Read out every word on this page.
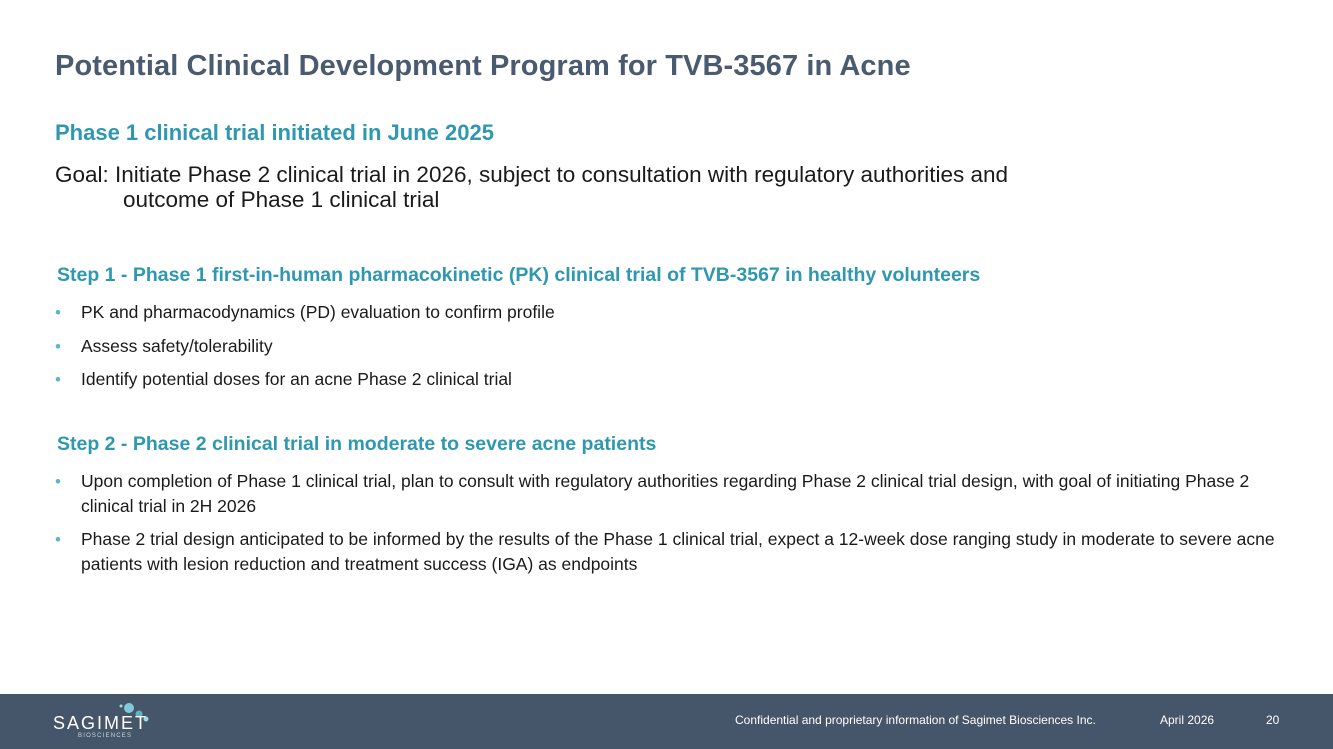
Potential Clinical Development Program for TVB-3567 in Acne
Phase 1 clinical trial initiated in June 2025

Goal: Initiate Phase 2 clinical trial in 2026, subject to consultation with regulatory authorities and
outcome of Phase 1 clinical trial

Step 1 - Phase 1 first-in-human pharmacokinetic (PK) clinical trial of TVB-3567 in healthy volunteers
• PK and pharmacodynamics (PD) evaluation to confirm profile
• Assess safety/tolerability
• Identify potential doses for an acne Phase 2 clinical trial
Step 2 - Phase 2 clinical trial in moderate to severe acne patients
• Upon completion of Phase 1 clinical trial, plan to consult with regulatory authorities regarding Phase 2 clinical trial design, with goal of initiating Phase 2 clinical trial in 2H 2026
• Phase 2 trial design anticipated to be informed by the results of the Phase 1 clinical trial, expect a 12-week dose ranging study in moderate to severe acne patients with lesion reduction and treatment success (IGA) as endpoints
SAGIMET
BIOSCIENCES
Confidential and proprietary information of Sagimet Biosciences Inc.	April 2026	20
